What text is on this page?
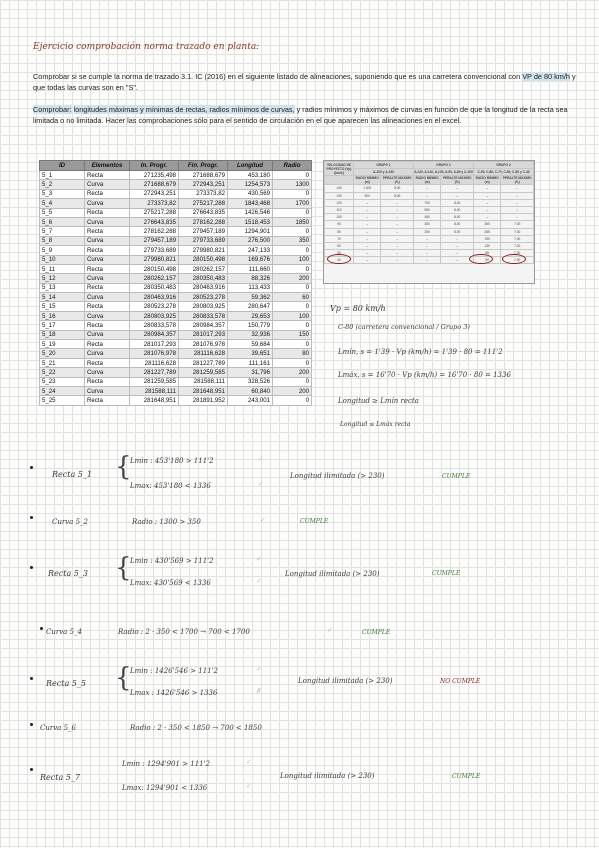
Ejercicio comprobación norma trazado en planta:
Comprobar si se cumple la norma de trazado 3.1. IC (2016) en el siguiente listado de alineaciones, suponiendo que es una carretera convencional con VP de 80 km/h y que todas las curvas son en "S".
Comprobar: longitudes máximas y mínimas de rectas, radios mínimos de curvas, y radios mínimos y máximos de curvas en función de que la longitud de la recta sea limitada o no limitada. Hacer las comprobaciones sólo para el sentido de circulación en el que aparecen las alineaciones en el excel.
ID	Elementos	In. Progr.	Fin. Progr.	Longitud	Radio
5_1	Recta	271235,498	271688,679	453,180	0
5_2	Curva	271688,679	272943,251	1254,573	1300
5_3	Recta	272943,251	273373,82	430,569	0
5_4	Curva	273373,82	275217,288	1843,468	1700
5_5	Recta	275217,288	276643,835	1426,546	0
5_6	Curva	276643,835	278162,288	1518,453	1850
5_7	Recta	278162,288	279457,189	1294,901	0
5_8	Curva	279457,189	279733,689	276,500	350
5_9	Recta	279733,689	279980,821	247,133	0
5_10	Curva	279980,821	280150,498	169,676	100
5_11	Recta	280150,498	280262,157	111,660	0
5_12	Curva	280262,157	280350,483	88,326	200
5_13	Recta	280350,483	280463,916	113,433	0
5_14	Curva	280463,916	280523,278	59,362	60
5_15	Recta	280523,278	280803,925	280,647	0
5_16	Curva	280803,925	280833,578	29,653	100
5_17	Recta	280833,578	280984,357	150,779	0
5_18	Curva	280984,357	281017,293	32,936	150
5_19	Recta	281017,293	281076,978	59,684	0
5_20	Curva	281076,978	281116,628	39,651	80
5_21	Recta	281116,628	281227,789	111,161	0
5_22	Curva	281227,789	281259,585	31,796	200
5_23	Recta	281259,585	281588,111	328,526	0
5_24	Curva	281588,111	281648,951	60,840	200
5_25	Recta	281648,951	281891,952	243,001	0
VELOCIDAD DE PROYECTO (Vp) (km/h)	GRUPO 1		GRUPO 2		GRUPO 3	
	A-100 y A-130		A-120, A-110, A-100, A-90, A-80 y C-100		C-90, C-80, C-70, C-60, C-50 y C-40	
	RADIO MÍNIMO (m)	PERALTE MÁXIMO (%)	RADIO MÍNIMO (m)	PERALTE MÁXIMO (%)	RADIO MÍNIMO (m)	PERALTE MÁXIMO (%)
140	1 000	8,00	–	–	–	–
130	900	8,00	–	–	–	–
120	–	–	700	8,00	–	–
110	–	–	550	8,00	–	–
100	–	–	450	8,00	–	–
90	–	–	350	8,00	350	7,00
80	–	–	250	8,00	265	7,00
70	–	–	–	–	190	7,00
60	–	–	–	–	130	7,00
50	–	–	–	–	85	7,00
40	–	–	–	–	50	7,00
Vp = 80 km/h
C-80 (carretera convencional / Grupo 3)
Lmín, s = 1'39 · Vp (km/h) = 1'39 · 80 = 111'2
Lmáx, s = 16'70 · Vp (km/h) = 16'70 · 80 = 1336
Longitud ≥ Lmín recta
Longitud ≤ Lmáx recta
Recta 5_1 {
Lmin : 453'180 > 111'2
Lmax: 453'180 < 1336
✓
✓
Longitud ilimitada (> 230)	CUMPLE
Curva 5_2	Radio : 1300 > 350	✓	CUMPLE
Recta 5_3 {
Lmin : 430'569 > 111'2
Lmax: 430'569 < 1336
✓
✓
Longitud ilimitada (> 230)	CUMPLE
Curva 5_4	Radio : 2 · 350 < 1700 → 700 < 1700	✓	CUMPLE
Recta 5_5 {
Lmin : 1426'546 > 111'2
Lmax : 1426'546 > 1336
✓
✗
Longitud ilimitada (> 230)	NO CUMPLE
Curva 5_6	Radio : 2 · 350 < 1850 → 700 < 1850
Recta 5_7
Lmin : 1294'901 > 111'2
Lmax: 1294'901 < 1336
✓
✓
Longitud ilimitada (> 230)	CUMPLE
